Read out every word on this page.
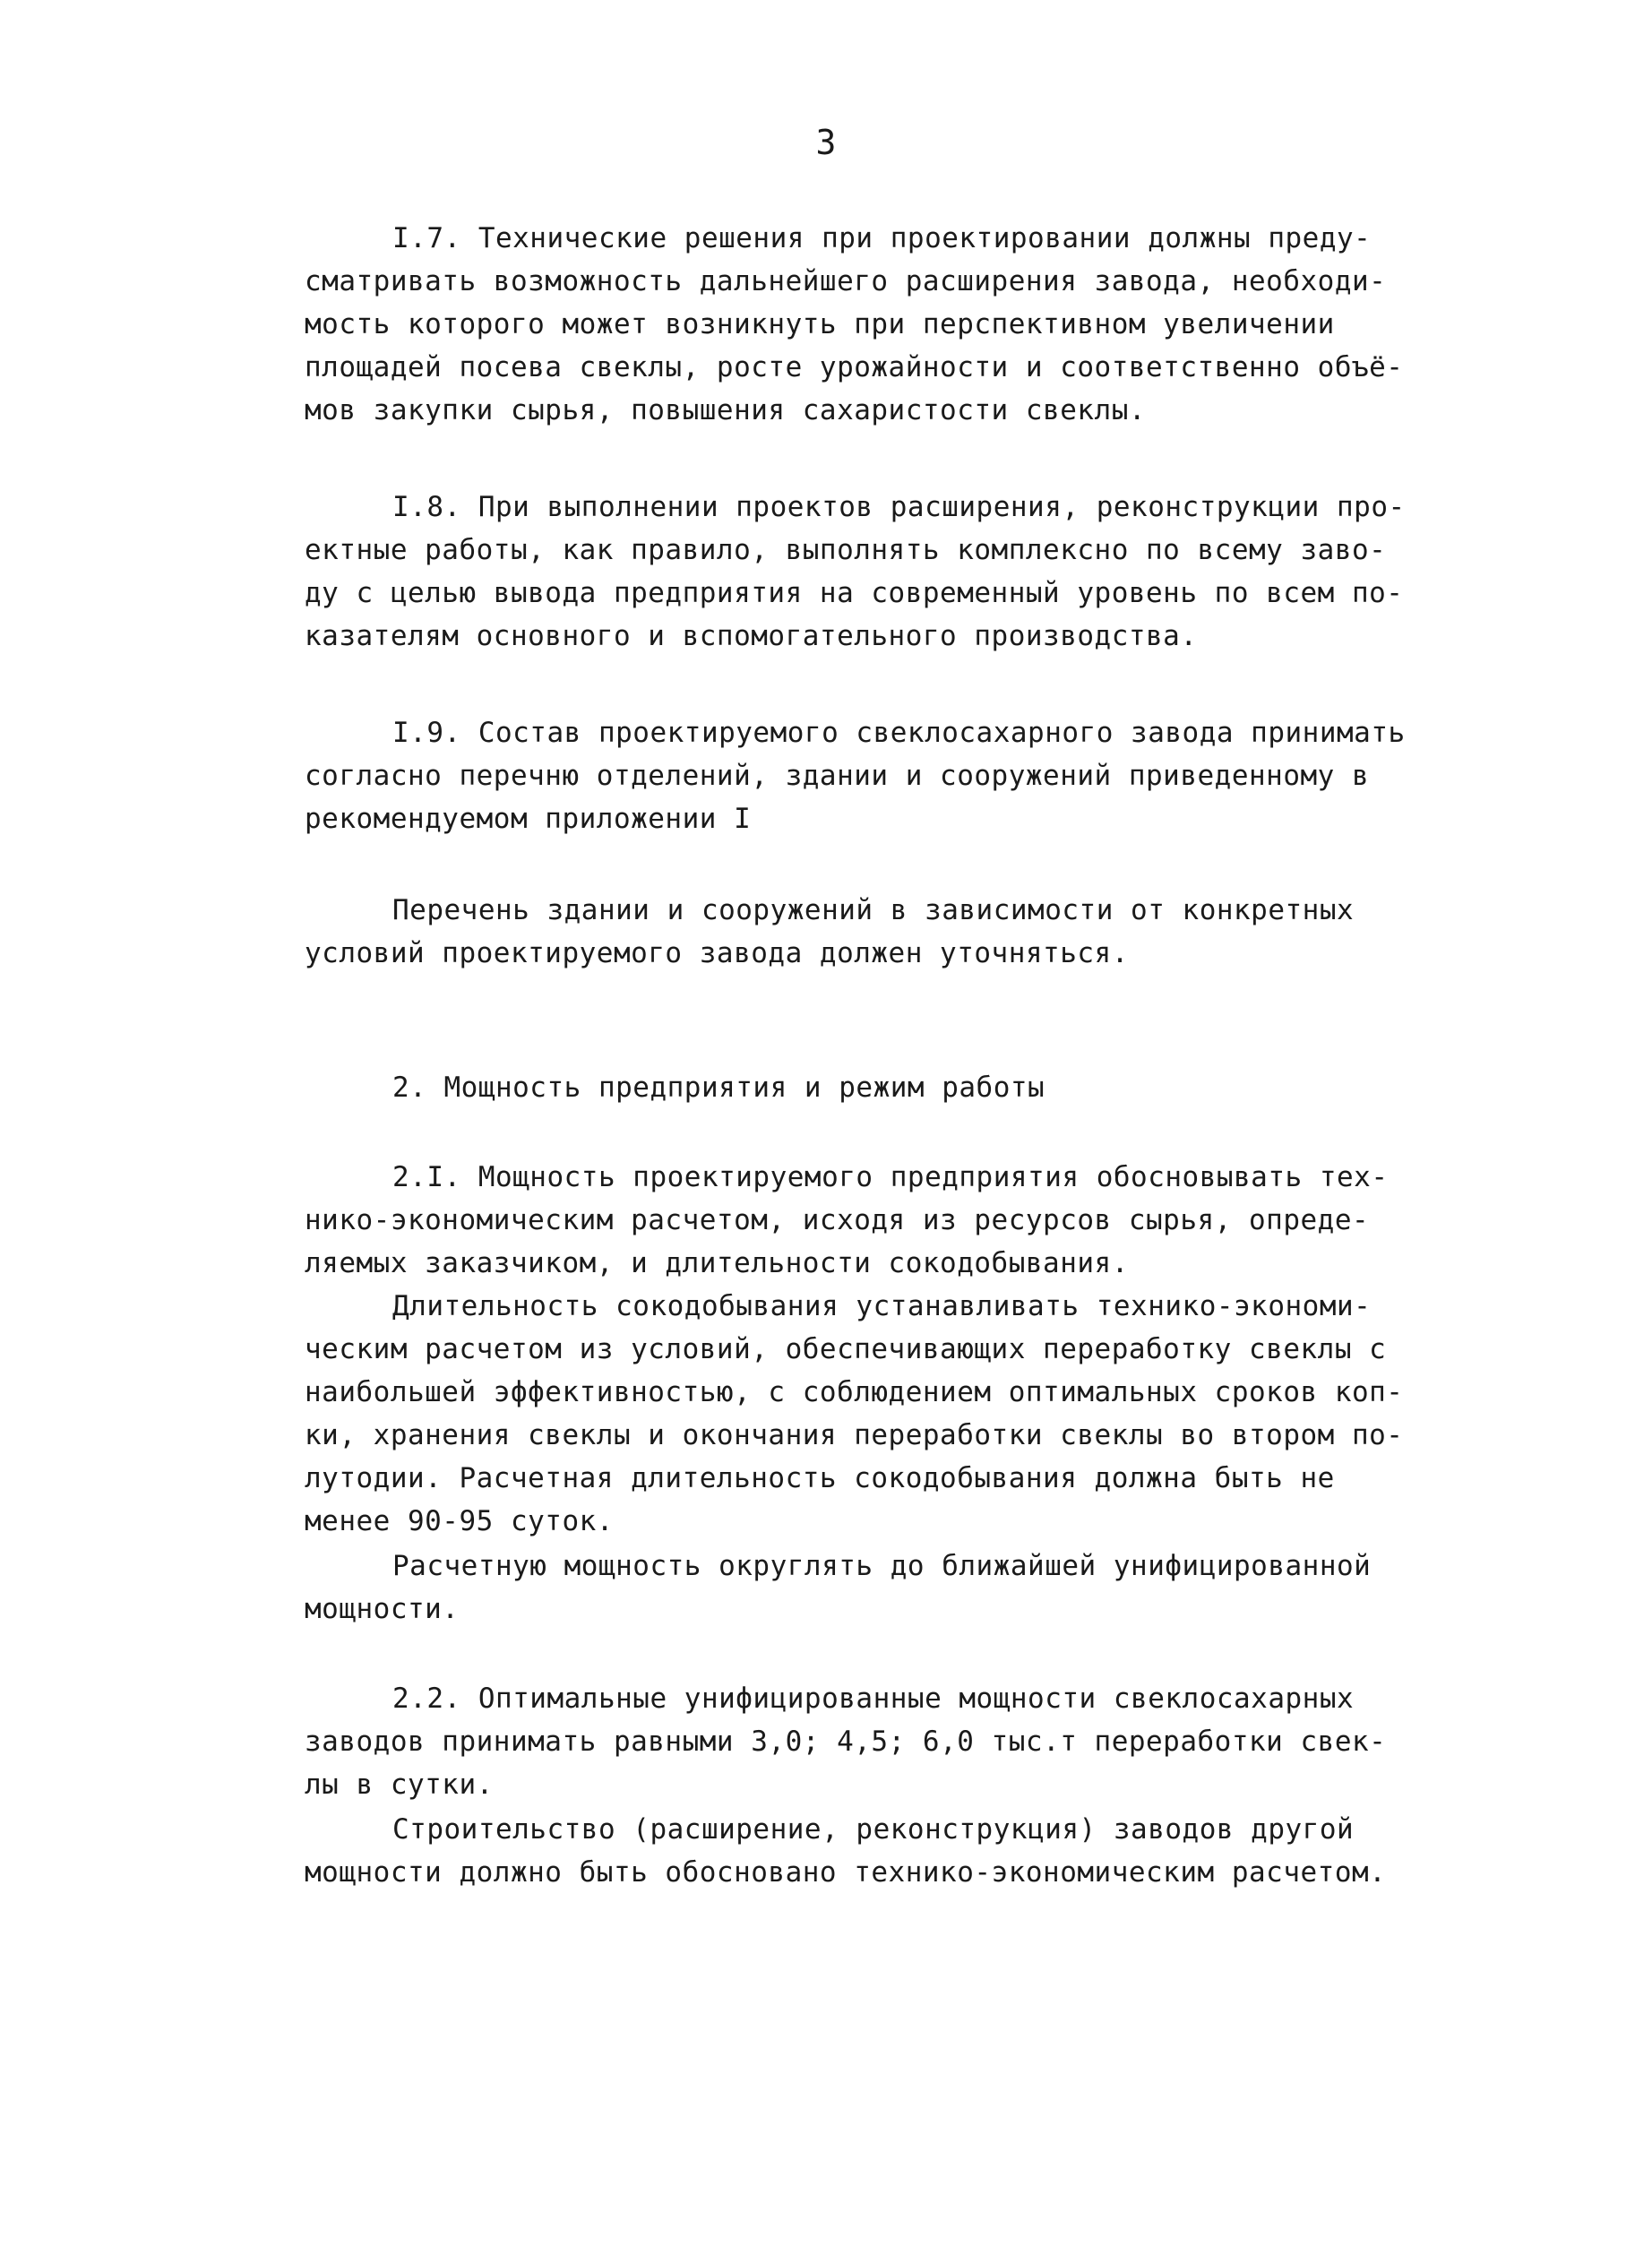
3
I.7. Технические решения при проектировании должны преду-
сматривать возможность дальнейшего расширения завода, необходи-
мость которого может возникнуть при перспективном увеличении
площадей посева свеклы, росте урожайности и соответственно объё-
мов закупки сырья, повышения сахаристости свеклы.
I.8. При выполнении проектов расширения, реконструкции про-
ектные работы, как правило, выполнять комплексно по всему заво-
ду с целью вывода предприятия на современный уровень по всем по-
казателям основного и вспомогательного производства.
I.9. Состав проектируемого свеклосахарного завода принимать
согласно перечню отделений, здании и сооружений приведенному в
рекомендуемом приложении I
Перечень здании и сооружений в зависимости от конкретных
условий проектируемого завода должен уточняться.
2. Мощность предприятия и режим работы
2.I. Мощность проектируемого предприятия обосновывать тех-
нико-экономическим расчетом, исходя из ресурсов сырья, опреде-
ляемых заказчиком, и длительности сокодобывания.
Длительность сокодобывания устанавливать технико-экономи-
ческим расчетом из условий, обеспечивающих переработку свеклы с
наибольшей эффективностью, с соблюдением оптимальных сроков коп-
ки, хранения свеклы и окончания переработки свеклы во втором по-
лутодии. Расчетная длительность сокодобывания должна быть не
менее 90-95 суток.
Расчетную мощность округлять до ближайшей унифицированной
мощности.
2.2. Оптимальные унифицированные мощности свеклосахарных
заводов принимать равными 3,0; 4,5; 6,0 тыс.т переработки свек-
лы в сутки.
Строительство (расширение, реконструкция) заводов другой
мощности должно быть обосновано технико-экономическим расчетом.
